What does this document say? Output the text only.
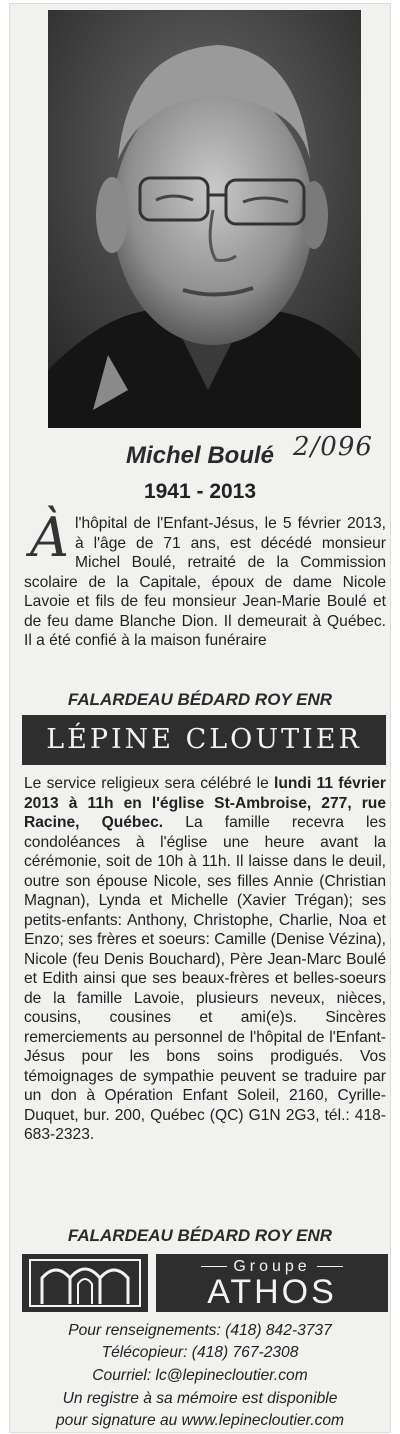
Michel Boulé 2/096
1941 - 2013
À l'hôpital de l'Enfant-Jésus, le 5 février 2013, à l'âge de 71 ans, est décédé monsieur Michel Boulé, retraité de la Commission scolaire de la Capitale, époux de dame Nicole Lavoie et fils de feu monsieur Jean-Marie Boulé et de feu dame Blanche Dion. Il demeurait à Québec. Il a été confié à la maison funéraire
FALARDEAU BÉDARD ROY ENR
LÉPINE CLOUTIER
Le service religieux sera célébré le lundi 11 février 2013 à 11h en l'église St-Ambroise, 277, rue Racine, Québec. La famille recevra les condoléances à l'église une heure avant la cérémonie, soit de 10h à 11h. Il laisse dans le deuil, outre son épouse Nicole, ses filles Annie (Christian Magnan), Lynda et Michelle (Xavier Trégan); ses petits-enfants: Anthony, Christophe, Charlie, Noa et Enzo; ses frères et soeurs: Camille (Denise Vézina), Nicole (feu Denis Bouchard), Père Jean-Marc Boulé et Edith ainsi que ses beaux-frères et belles-soeurs de la famille Lavoie, plusieurs neveux, nièces, cousins, cousines et ami(e)s. Sincères remerciements au personnel de l'hôpital de l'Enfant-Jésus pour les bons soins prodigués. Vos témoignages de sympathie peuvent se traduire par un don à Opération Enfant Soleil, 2160, Cyrille-Duquet, bur. 200, Québec (QC) G1N 2G3, tél.: 418-683-2323.
FALARDEAU BÉDARD ROY ENR
Groupe
ATHOS
Pour renseignements: (418) 842-3737
Télécopieur: (418) 767-2308
Courriel: lc@lepinecloutier.com
Un registre à sa mémoire est disponible
pour signature au www.lepinecloutier.com
